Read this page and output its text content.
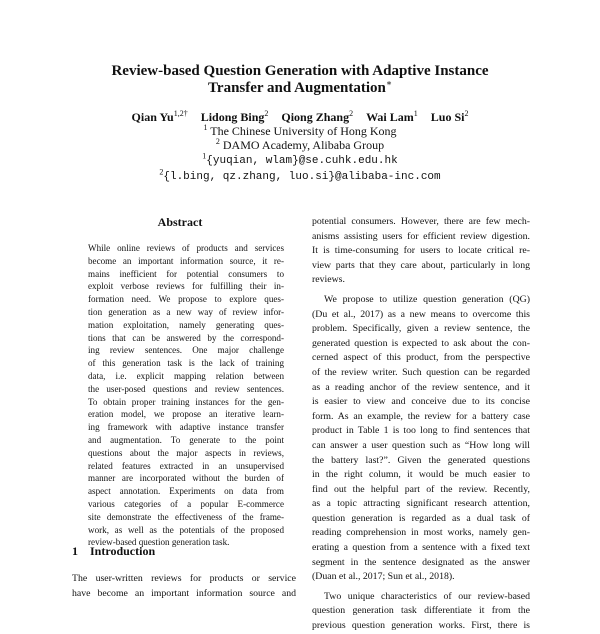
Review-based Question Generation with Adaptive Instance
Transfer and Augmentation∗
Qian $Yu^{1,2\dagger}$ Lidong Bing$^2$ Qiong Zhang$^2$ Wai Lam$^1$ Luo Si$^2$
$^1$ The Chinese University of Hong Kong
$^2$ DAMO Academy, Alibaba Group
$^1${yuqian, wlam}@se.cuhk.edu.hk
$^2${l.bing, qz.zhang, luo.si}@alibaba-inc.com
Abstract
While online reviews of products and services
become an important information source, it re-
mains inefficient for potential consumers to
exploit verbose reviews for fulfilling their in-
formation need. We propose to explore ques-
tion generation as a new way of review infor-
mation exploitation, namely generating ques-
tions that can be answered by the correspond-
ing review sentences. One major challenge
of this generation task is the lack of training
data, i.e. explicit mapping relation between
the user-posed questions and review sentences.
To obtain proper training instances for the gen-
eration model, we propose an iterative learn-
ing framework with adaptive instance transfer
and augmentation. To generate to the point
questions about the major aspects in reviews,
related features extracted in an unsupervised
manner are incorporated without the burden of
aspect annotation. Experiments on data from
various categories of a popular E-commerce
site demonstrate the effectiveness of the frame-
work, as well as the potentials of the proposed
review-based question generation task.
1 Introduction
The user-written reviews for products or service
have become an important information source and
potential consumers. However, there are few mech-
anisms assisting users for efficient review digestion.
It is time-consuming for users to locate critical re-
view parts that they care about, particularly in long
reviews.
We propose to utilize question generation (QG)
(Du et al., 2017) as a new means to overcome this
problem. Specifically, given a review sentence, the
generated question is expected to ask about the con-
cerned aspect of this product, from the perspective
of the review writer. Such question can be regarded
as a reading anchor of the review sentence, and it
is easier to view and conceive due to its concise
form. As an example, the review for a battery case
product in Table 1 is too long to find sentences that
can answer a user question such as “How long will
the battery last?”. Given the generated questions
in the right column, it would be much easier to
find out the helpful part of the review. Recently,
as a topic attracting significant research attention,
question generation is regarded as a dual task of
reading comprehension in most works, namely gen-
erating a question from a sentence with a fixed text
segment in the sentence designated as the answer
(Duan et al., 2017; Sun et al., 2018).
Two unique characteristics of our review-based
question generation task differentiate it from the
previous question generation works. First, there is
